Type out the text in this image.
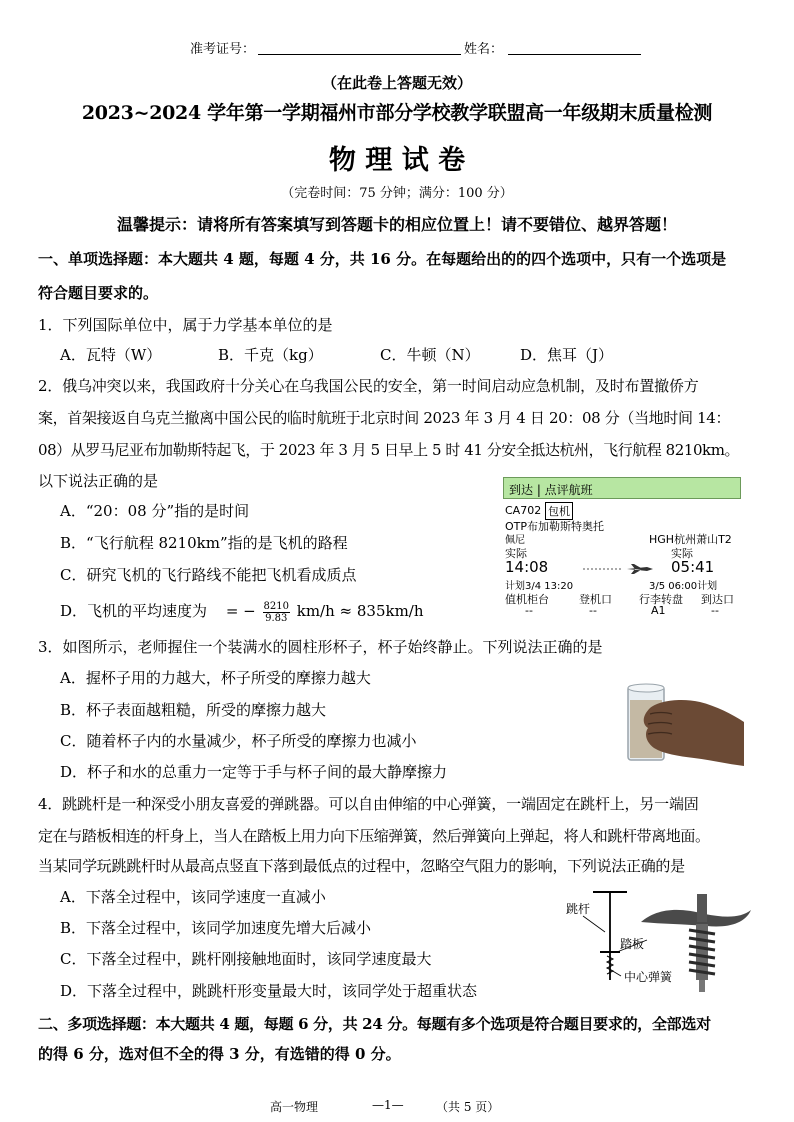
准考证号：	姓名：
（在此卷上答题无效）
2023~2024 学年第一学期福州市部分学校教学联盟高一年级期末质量检测
物 理 试 卷
（完卷时间：75 分钟；满分：100 分）
温馨提示：请将所有答案填写到答题卡的相应位置上！请不要错位、越界答题！
一、单项选择题：本大题共 4 题，每题 4 分，共 16 分。在每题给出的的四个选项中，只有一个选项是
符合题目要求的。
1．下列国际单位中，属于力学基本单位的是
A．瓦特（W）	B．千克（kg）	C．牛顿（N）	D．焦耳（J）
2．俄乌冲突以来，我国政府十分关心在乌我国公民的安全，第一时间启动应急机制，及时布置撤侨方
案，首架接返自乌克兰撤离中国公民的临时航班于北京时间 2023 年 3 月 4 日 20：08 分（当地时间 14：
08）从罗马尼亚布加勒斯特起飞，于 2023 年 3 月 5 日早上 5 时 41 分安全抵达杭州，飞行航程 8210km。
以下说法正确的是
A．“20：08 分”指的是时间
B．“飞行航程 8210km”指的是飞机的路程
C．研究飞机的飞行路线不能把飞机看成质点
D．飞机的平均速度为 = − $\frac{8210}{9.83} km/h \approx 835km/h$
到达 | 点评航班
CA702 包机
OTP布加勒斯特奥托
佩尼	HGH杭州萧山T2
实际
14:08
实际
05:41
计划3/4 13:20	3/5 06:00计划
值机柜台	登机口 行李转盘 到达口
--	--	A1	--
3．如图所示，老师握住一个装满水的圆柱形杯子，杯子始终静止。下列说法正确的是
A．握杯子用的力越大，杯子所受的摩擦力越大
B．杯子表面越粗糙，所受的摩擦力越大
C．随着杯子内的水量减少，杯子所受的摩擦力也减小
D．杯子和水的总重力一定等于手与杯子间的最大静摩擦力
4．跳跳杆是一种深受小朋友喜爱的弹跳器。可以自由伸缩的中心弹簧，一端固定在跳杆上，另一端固
定在与踏板相连的杆身上，当人在踏板上用力向下压缩弹簧，然后弹簧向上弹起，将人和跳杆带离地面。
当某同学玩跳跳杆时从最高点竖直下落到最低点的过程中，忽略空气阻力的影响，下列说法正确的是
A．下落全过程中，该同学速度一直减小
B．下落全过程中，该同学加速度先增大后减小
C．下落全过程中，跳杆刚接触地面时，该同学速度最大
D．下落全过程中，跳跳杆形变量最大时，该同学处于超重状态
跳杆
踏板
中心弹簧
二、多项选择题：本大题共 4 题，每题 6 分，共 24 分。每题有多个选项是符合题目要求的，全部选对
的得 6 分，选对但不全的得 3 分，有选错的得 0 分。
高一物理	—1—	（共 5 页）
